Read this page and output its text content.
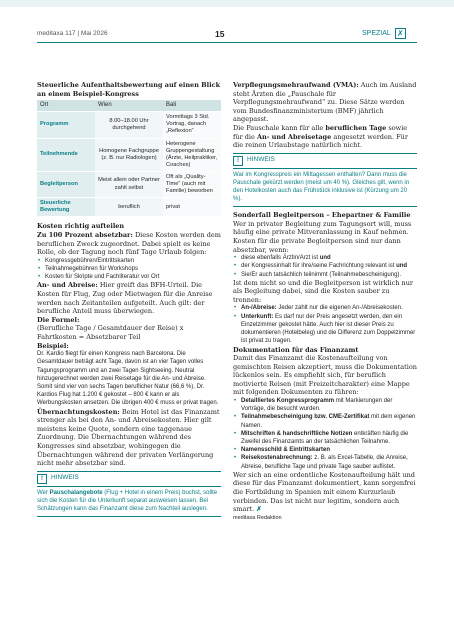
meditaxa 117 | Mai 2026	15	SPEZIAL ✗

Steuerliche Aufenthaltsbewertung auf einen Blick an einem Beispiel-Kongress

Ort	Wien	Bali
Programm	8.00–18.00 Uhr durchgehend	Vormittags 3 Std. Vortrag, danach „Reflexion“
Teilnehmende	Homogene Fachgruppe (z. B. nur Radiologen)	Heterogene Gruppengestaltung (Ärzte, Heilpraktiker, Coaches)
Begleitperson	Meist allein oder Partner zahlt selbst	Oft als „Quality-Time“ (auch mit Familie) beworben
Steuerliche Bewertung	beruflich	privat

Kosten richtig aufteilen

Zu 100 Prozent absetzbar: Diese Kosten werden dem beruflichen Zweck zugeordnet. Dabei spielt es keine Rolle, ob der Tagung noch fünf Tage Urlaub folgen:

• Kongressgebühren/Eintrittskarten
• Teilnahmegebühren für Workshops
• Kosten für Skripte und Fachliteratur vor Ort

An- und Abreise: Hier greift das BFH-Urteil. Die Kosten für Flug, Zug oder Mietwagen für die Anreise werden nach Zeitanteilen aufgeteilt. Auch gilt: der berufliche Anteil muss überwiegen.

Die Formel:

(Berufliche Tage / Gesamtdauer der Reise) x Fahrtkosten = Absetzbarer Teil

Beispiel:

Dr. Kardio fliegt für einen Kongress nach Barcelona. Die Gesamtdauer beträgt acht Tage, davon ist an vier Tagen volles Tagungsprogramm und an zwei Tagen Sightseeing. Neutral hinzugerechnet werden zwei Reisetage für die An- und Abreise. Somit sind vier von sechs Tagen beruflicher Natur (66,6 %). Dr. Kardios Flug hat 1.200 € gekostet – 800 € kann er als Werbungskosten ansetzen. Die übrigen 400 € muss er privat tragen.

Übernachtungskosten: Beim Hotel ist das Finanzamt strenger als bei den An- und Abreisekosten. Hier gilt meistens keine Quote, sondern eine taggenaue Zuordnung. Die Übernachtungen während des Kongresses sind absetzbar, wohingegen die Übernachtungen während der privaten Verlängerung nicht mehr absetzbar sind.

!	HINWEIS

Wer Pauschalangebote (Flug + Hotel in einem Preis) buchst, sollte sich die Kosten für die Unterkunft separat ausweisen lassen. Bei Schätzungen kann das Finanzamt diese zum Nachteil auslegen.

Verpflegungsmehraufwand (VMA): Auch im Ausland steht Ärzten die „Pauschale für Verpflegungsmehraufwand“ zu. Diese Sätze werden vom Bundesfinanzministerium (BMF) jährlich angepasst.

Die Pauschale kann für alle beruflichen Tage sowie für die An- und Abreisetage angesetzt werden. Für die reinen Urlaubstage natürlich nicht.

!	HINWEIS

War im Kongresspreis ein Mittagessen enthalten? Dann muss die Pauschale gekürzt werden (meist um 40 %). Gleiches gilt, wenn in den Hotelkosten auch das Frühstück inklusive ist (Kürzung um 20 %).

Sonderfall Begleitperson – Ehepartner & Familie

Wer in privater Begleitung zum Tagungsort will, muss häufig eine private Mitveranlassung in Kauf nehmen. Kosten für die private Begleitperson sind nur dann absetzbar, wenn:

• diese ebenfalls Ärztin/Arzt ist und
• der Kongressinhalt für ihre/seine Fachrichtung relevant ist und
• Sie/Er auch tatsächlich teilnimmt (Teilnahmebescheinigung).

Ist dem nicht so und die Begleitperson ist wirklich nur als Begleitung dabei, sind die Kosten sauber zu trennen:

• An-/Abreise: Jeder zahlt nur die eigenen An-/Abreisekosten.
• Unterkunft: Es darf nur der Preis angesetzt werden, den ein Einzelzimmer gekostet hätte. Auch hier ist dieser Preis zu dokumentieren (Hotelbeleg) und die Differenz zum Doppelzimmer ist privat zu tragen.

Dokumentation für das Finanzamt

Damit das Finanzamt die Kostenaufteilung von gemischten Reisen akzeptiert, muss die Dokumentation lückenlos sein. Es empfiehlt sich, für beruflich motivierte Reisen (mit Freizeitcharakter) eine Mappe mit folgenden Dokumenten zu führen:

• Detailliertes Kongressprogramm mit Markierungen der Vorträge, die besucht wurden.
• Teilnahmebescheinigung bzw. CME-Zertifikat mit dem eigenen Namen.
• Mitschriften & handschriftliche Notizen entkräften häufig die Zweifel des Finanzamts an der tatsächlichen Teilnahme.
• Namensschild & Eintrittskarten
• Reisekostenabrechnung: z. B. als Excel-Tabelle, die Anreise, Abreise, berufliche Tage und private Tage sauber auflistet.

Wer sich an eine ordentliche Kostenaufteilung hält und diese für das Finanzamt dokumentiert, kann sorgenfrei die Fortbildung in Spanien mit einem Kurzurlaub verbinden. Das ist nicht nur legitim, sondern auch smart. ✗

meditaxa Redaktion
